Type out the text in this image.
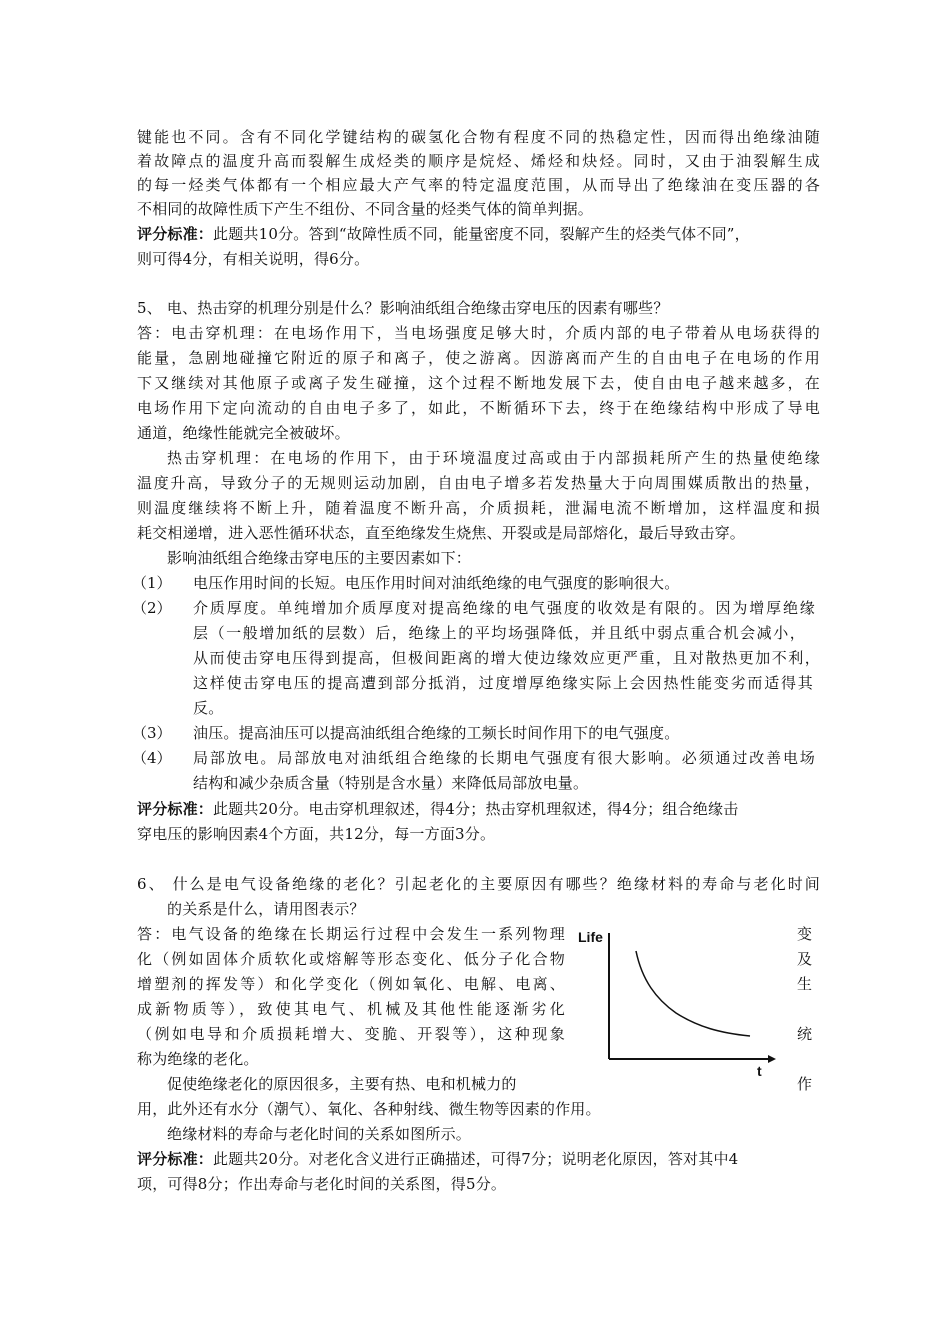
键能也不同。含有不同化学键结构的碳氢化合物有程度不同的热稳定性，因而得出绝缘油随
着故障点的温度升高而裂解生成烃类的顺序是烷烃、烯烃和炔烃。同时，又由于油裂解生成
的每一烃类气体都有一个相应最大产气率的特定温度范围，从而导出了绝缘油在变压器的各
不相同的故障性质下产生不组份、不同含量的烃类气体的简单判据。
评分标准：此题共10分。答到“故障性质不同，能量密度不同，裂解产生的烃类气体不同”，
则可得4分，有相关说明，得6分。
5、 电、热击穿的机理分别是什么？影响油纸组合绝缘击穿电压的因素有哪些？
答：电击穿机理：在电场作用下，当电场强度足够大时，介质内部的电子带着从电场获得的
能量，急剧地碰撞它附近的原子和离子，使之游离。因游离而产生的自由电子在电场的作用
下又继续对其他原子或离子发生碰撞，这个过程不断地发展下去，使自由电子越来越多，在
电场作用下定向流动的自由电子多了，如此，不断循环下去，终于在绝缘结构中形成了导电
通道，绝缘性能就完全被破坏。
热击穿机理：在电场的作用下，由于环境温度过高或由于内部损耗所产生的热量使绝缘
温度升高，导致分子的无规则运动加剧，自由电子增多若发热量大于向周围媒质散出的热量，
则温度继续将不断上升，随着温度不断升高，介质损耗，泄漏电流不断增加，这样温度和损
耗交相递增，进入恶性循环状态，直至绝缘发生烧焦、开裂或是局部熔化，最后导致击穿。
影响油纸组合绝缘击穿电压的主要因素如下：
（1） 电压作用时间的长短。电压作用时间对油纸绝缘的电气强度的影响很大。
（2） 介质厚度。单纯增加介质厚度对提高绝缘的电气强度的收效是有限的。因为增厚绝缘
层（一般增加纸的层数）后，绝缘上的平均场强降低，并且纸中弱点重合机会减小，
从而使击穿电压得到提高，但极间距离的增大使边缘效应更严重，且对散热更加不利，
这样使击穿电压的提高遭到部分抵消，过度增厚绝缘实际上会因热性能变劣而适得其
反。
（3） 油压。提高油压可以提高油纸组合绝缘的工频长时间作用下的电气强度。
（4） 局部放电。局部放电对油纸组合绝缘的长期电气强度有很大影响。必须通过改善电场
结构和减少杂质含量（特别是含水量）来降低局部放电量。
评分标准：此题共20分。电击穿机理叙述，得4分；热击穿机理叙述，得4分；组合绝缘击
穿电压的影响因素4个方面，共12分，每一方面3分。
6、 什么是电气设备绝缘的老化？引起老化的主要原因有哪些？绝缘材料的寿命与老化时间
的关系是什么，请用图表示？
答：电气设备的绝缘在长期运行过程中会发生一系列物理
化（例如固体介质软化或熔解等形态变化、低分子化合物
增塑剂的挥发等）和化学变化（例如氧化、电解、电离、
成新物质等），致使其电气、机械及其他性能逐渐劣化
（例如电导和介质损耗增大、变脆、开裂等），这种现象
称为绝缘的老化。
变
及
生
统
作
促使绝缘老化的原因很多，主要有热、电和机械力的
用，此外还有水分（潮气）、氧化、各种射线、微生物等因素的作用。
绝缘材料的寿命与老化时间的关系如图所示。
Life
t
评分标准：此题共20分。对老化含义进行正确描述，可得7分；说明老化原因，答对其中4
项，可得8分；作出寿命与老化时间的关系图，得5分。
